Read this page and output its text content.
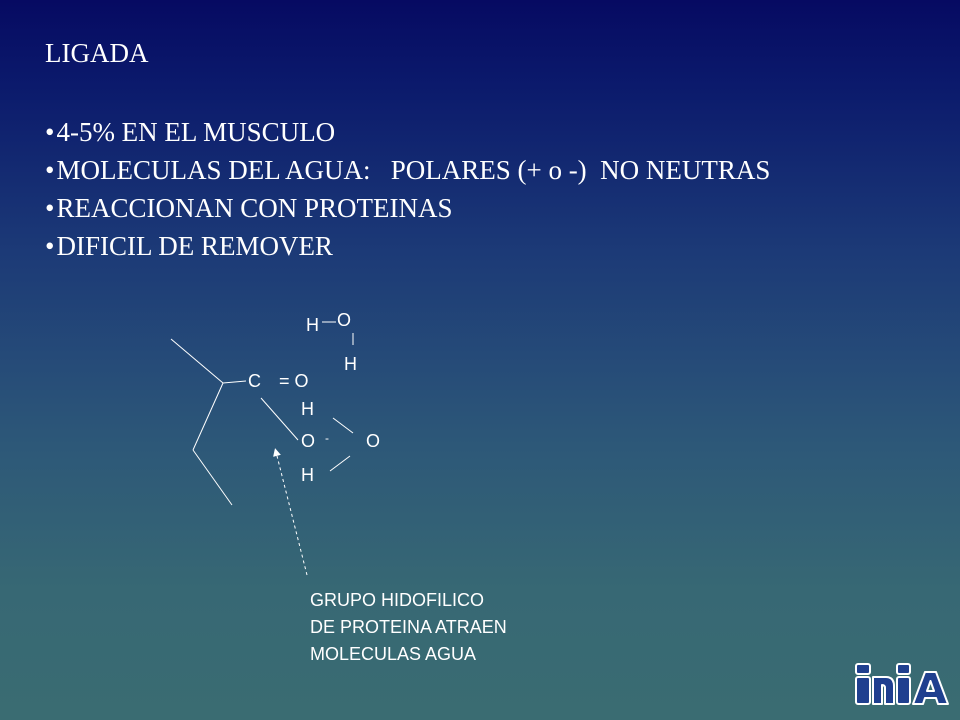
LIGADA
• 4-5% EN EL MUSCULO
• MOLECULAS DEL AGUA:   POLARES (+ o -)  NO NEUTRAS
• REACCIONAN CON PROTEINAS
• DIFICIL DE REMOVER
H O
H
C = O
H
O - O
H
GRUPO HIDOFILICO
DE PROTEINA ATRAEN
MOLECULAS AGUA
